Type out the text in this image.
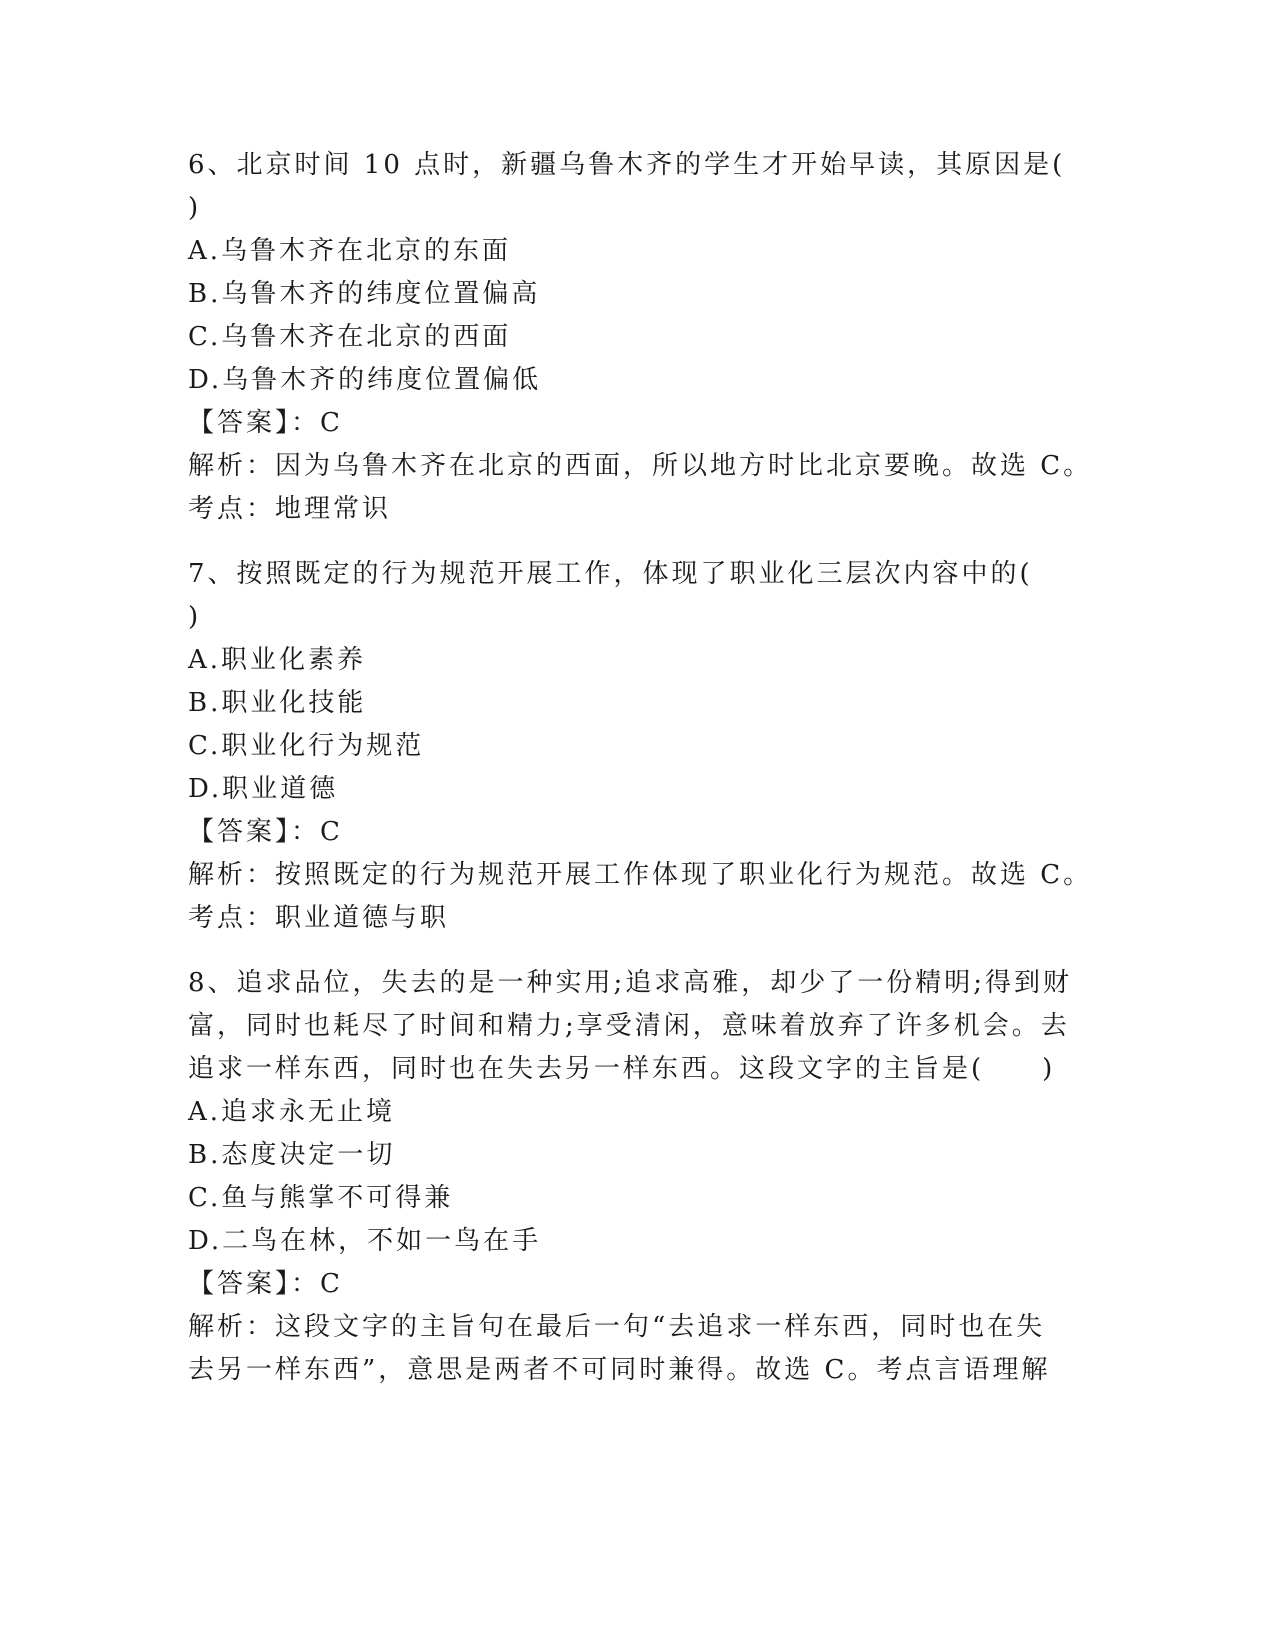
6、北京时间 10 点时，新疆乌鲁木齐的学生才开始早读，其原因是(
)
A.乌鲁木齐在北京的东面
B.乌鲁木齐的纬度位置偏高
C.乌鲁木齐在北京的西面
D.乌鲁木齐的纬度位置偏低
【答案】：C
解析：因为乌鲁木齐在北京的西面，所以地方时比北京要晚。故选 C。
考点：地理常识
7、按照既定的行为规范开展工作，体现了职业化三层次内容中的(
)
A.职业化素养
B.职业化技能
C.职业化行为规范
D.职业道德
【答案】：C
解析：按照既定的行为规范开展工作体现了职业化行为规范。故选 C。
考点：职业道德与职
8、追求品位，失去的是一种实用;追求高雅，却少了一份精明;得到财
富，同时也耗尽了时间和精力;享受清闲，意味着放弃了许多机会。去
追求一样东西，同时也在失去另一样东西。这段文字的主旨是(　　)
A.追求永无止境
B.态度决定一切
C.鱼与熊掌不可得兼
D.二鸟在林，不如一鸟在手
【答案】：C
解析：这段文字的主旨句在最后一句“去追求一样东西，同时也在失
去另一样东西”，意思是两者不可同时兼得。故选 C。考点言语理解
